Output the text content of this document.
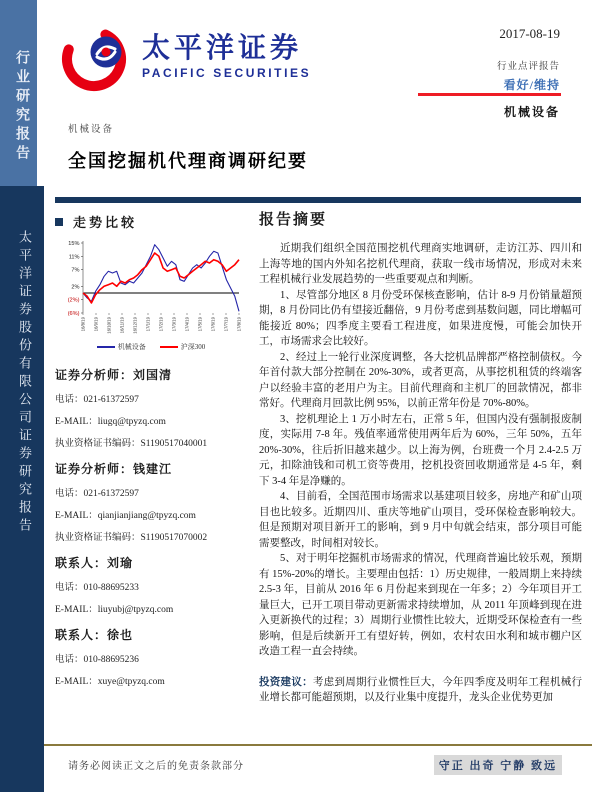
行业研究报告
太平洋证券股份有限公司证券研究报告
太平洋证券
PACIFIC SECURITIES
2017-08-19
行业点评报告
看好/维持
机械设备
机械设备
全国挖掘机代理商调研纪要
走势比较
15%
11%
7%
2%
(2%)
(6%)
16/8/19 16/9/19 16/10/19 16/11/19 16/12/19 17/1/19 17/2/19 17/3/19 17/4/19 17/5/19 17/6/19 17/7/19 17/8/19
机械设备	沪深300
证券分析师：刘国清
电话：021-61372597
E-MAIL：liugq@tpyzq.com
执业资格证书编码：S1190517040001
证券分析师：钱建江
电话：021-61372597
E-MAIL：qianjianjiang@tpyzq.com
执业资格证书编码：S1190517070002
联系人：刘瑜
电话：010-88695233
E-MAIL：liuyubj@tpyzq.com
联系人：徐也
电话：010-88695236
E-MAIL：xuye@tpyzq.com
报告摘要

近期我们组织全国范围挖机代理商实地调研，走访江苏、四川和上海等地的国内外知名挖机代理商，获取一线市场情况，形成对未来工程机械行业发展趋势的一些重要观点和判断。

1、尽管部分地区 8 月份受环保核查影响，估计 8-9 月份销量超预期，8 月份同比仍有望接近翻倍，9 月份考虑到基数问题，同比增幅可能接近 80%；四季度主要看工程进度，如果进度慢，可能会加快开工，市场需求会比较好。

2、经过上一轮行业深度调整，各大挖机品牌都严格控制债权。今年首付款大部分控制在 20%-30%，或者更高，从事挖机租赁的终端客户以经验丰富的老用户为主。目前代理商和主机厂的回款情况，都非常好。代理商月回款比例 95%，以前正常年份是 70%-80%。

3、挖机理论上 1 万小时左右，正常 5 年，但国内没有强制报废制度，实际用 7-8 年。残值率通常使用两年后为 60%，三年 50%，五年 20%-30%，往后折旧越来越少。以上海为例，台班费一个月 2.4-2.5 万元，扣除油钱和司机工资等费用，挖机投资回收期通常是 4-5 年，剩下 3-4 年是净赚的。

4、目前看，全国范围市场需求以基建项目较多，房地产和矿山项目也比较多。近期四川、重庆等地矿山项目，受环保检查影响较大。但是预期对项目新开工的影响，到 9 月中旬就会结束，部分项目可能需要整改，时间相对较长。

5、对于明年挖掘机市场需求的情况，代理商普遍比较乐观，预期有 15%-20%的增长。主要理由包括：1）历史规律，一般周期上来持续 2.5-3 年，目前从 2016 年 6 月份起来到现在一年多；2）今年项目开工量巨大，已开工项目带动更新需求持续增加，从 2011 年顶峰到现在进入更新换代的过程；3）周期行业惯性比较大，近期受环保检查有一些影响，但是后续新开工有望好转，例如，农村农田水利和城市棚户区改造工程一直会持续。

投资建议：考虑到周期行业惯性巨大，今年四季度及明年工程机械行业增长都可能超预期，以及行业集中度提升，龙头企业优势更加

请务必阅读正文之后的免责条款部分	守正 出奇 宁静 致远
